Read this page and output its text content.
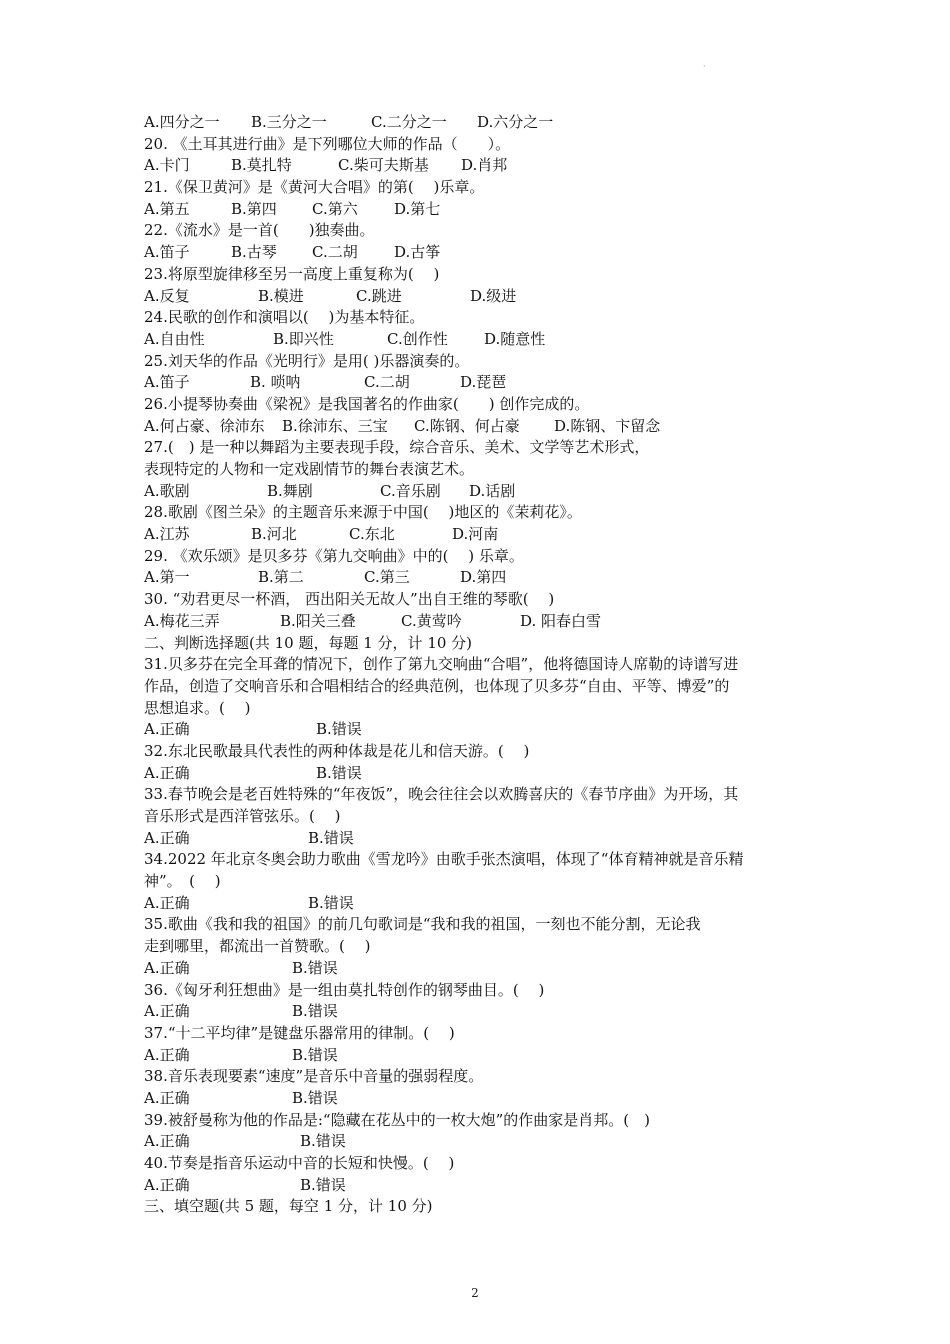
·
A.四分之一	B.三分之一	C.二分之一	D.六分之一
20. 《土耳其进行曲》是下列哪位大师的作品（　　）。
A.卡门	B.莫扎特	C.柴可夫斯基	D.肖邦
21.《保卫黄河》是《黄河大合唱》的第(　 )乐章。
A.第五	B.第四	C.第六	D.第七
22.《流水》是一首(　　)独奏曲。
A.笛子	B.古琴	C.二胡	D.古筝
23.将原型旋律移至另一高度上重复称为(　 )
A.反复	B.模进	C.跳进	D.级进
24.民歌的创作和演唱以(　 )为基本特征。
A.自由性	B.即兴性	C.创作性	D.随意性
25.刘天华的作品《光明行》是用( )乐器演奏的。
A.笛子	B. 唢呐	C.二胡	D.琵琶
26.小提琴协奏曲《梁祝》是我国著名的作曲家(　　) 创作完成的。
A.何占豪、徐沛东	B.徐沛东、三宝	C.陈钢、何占豪	D.陈钢、卞留念
27.(　) 是一种以舞蹈为主要表现手段，综合音乐、美术、文学等艺术形式，
表现特定的人物和一定戏剧情节的舞台表演艺术。
A.歌剧	B.舞剧	C.音乐剧	D.话剧
28.歌剧《图兰朵》的主题音乐来源于中国(　 )地区的《茉莉花》。
A.江苏	B.河北	C.东北	D.河南
29. 《欢乐颂》是贝多芬《第九交响曲》中的(　 ) 乐章。
A.第一	B.第二	C.第三	D.第四
30. “劝君更尽一杯酒， 西出阳关无故人”出自王维的琴歌(　 )
A.梅花三弄	B.阳关三叠	C.黄莺吟	D. 阳春白雪
二、判断选择题(共 10 题，每题 1 分，计 10 分)
31.贝多芬在完全耳聋的情况下，创作了第九交响曲“合唱”，他将德国诗人席勒的诗谱写进
作品，创造了交响音乐和合唱相结合的经典范例，也体现了贝多芬“自由、平等、博爱”的
思想追求。(　 )
A.正确	B.错误
32.东北民歌最具代表性的两种体裁是花儿和信天游。(　 )
A.正确	B.错误
33.春节晚会是老百姓特殊的“年夜饭”，晚会往往会以欢腾喜庆的《春节序曲》为开场，其
音乐形式是西洋管弦乐。(　 )
A.正确	B.错误
34.2022 年北京冬奥会助力歌曲《雪龙吟》由歌手张杰演唱，体现了“体育精神就是音乐精
神”。　(　 )
A.正确	B.错误
35.歌曲《我和我的祖国》的前几句歌词是“我和我的祖国，一刻也不能分割，无论我
走到哪里，都流出一首赞歌。(　 )
A.正确	B.错误
36.《匈牙利狂想曲》是一组由莫扎特创作的钢琴曲目。(　 )
A.正确	B.错误
37.“十二平均律”是键盘乐器常用的律制。(　 )
A.正确	B.错误
38.音乐表现要素“速度”是音乐中音量的强弱程度。
A.正确	B.错误
39.被舒曼称为他的作品是:“隐藏在花丛中的一枚大炮”的作曲家是肖邦。(　)
A.正确	B.错误
40.节奏是指音乐运动中音的长短和快慢。(　 )
A.正确	B.错误
三、填空题(共 5 题，每空 1 分，计 10 分)
2
